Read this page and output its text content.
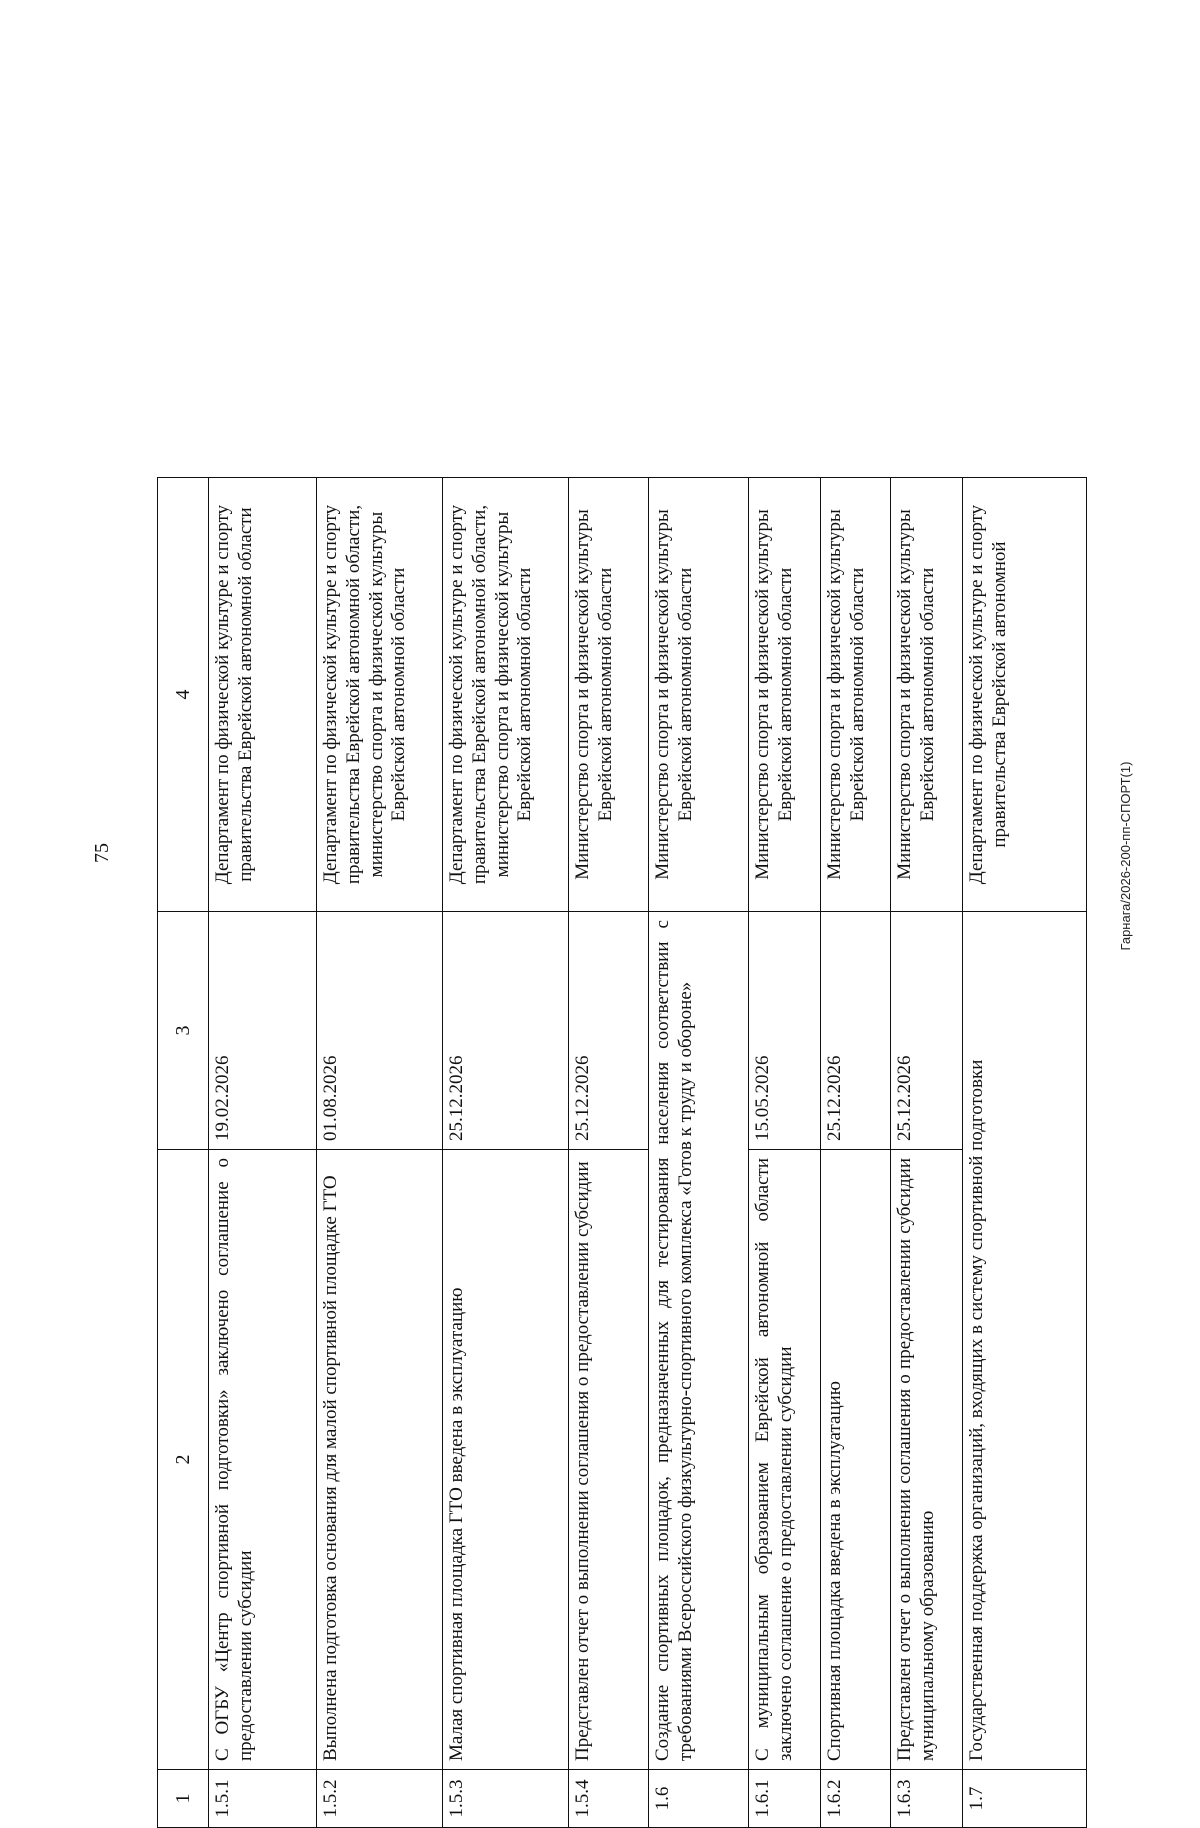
75
1	2	3	4
1.5.1	С ОГБУ «Центр спортивной подготовки» заключено соглашение о предоставлении субсидии	19.02.2026	Департамент по физической культуре и спорту правительства Еврейской автономной области
1.5.2	Выполнена подготовка основания для малой спортивной площадке ГТО	01.08.2026	Департамент по физической культуре и спорту правительства Еврейской автономной области, министерство спорта и физической культуры Еврейской автономной области
1.5.3	Малая спортивная площадка ГТО введена в эксплуатацию	25.12.2026	Департамент по физической культуре и спорту правительства Еврейской автономной области, министерство спорта и физической культуры Еврейской автономной области
1.5.4	Представлен отчет о выполнении соглашения о предоставлении субсидии	25.12.2026	Министерство спорта и физической культуры Еврейской автономной области
1.6	Создание спортивных площадок, предназначенных для тестирования населения соответствии с требованиями Всероссийского физкультурно-спортивного комплекса «Готов к труду и обороне»		Министерство спорта и физической культуры Еврейской автономной области
1.6.1	С муниципальным образованием Еврейской автономной области заключено соглашение о предоставлении субсидии	15.05.2026	Министерство спорта и физической культуры Еврейской автономной области
1.6.2	Спортивная площадка введена в эксплуатацию	25.12.2026	Министерство спорта и физической культуры Еврейской автономной области
1.6.3	Представлен отчет о выполнении соглашения о предоставлении субсидии муниципальному образованию	25.12.2026	Министерство спорта и физической культуры Еврейской автономной области
1.7	Государственная поддержка организаций, входящих в систему спортивной подготовки		Департамент по физической культуре и спорту правительства Еврейской автономной
Гарнага/2026-200-пп-СПОРТ(1)
